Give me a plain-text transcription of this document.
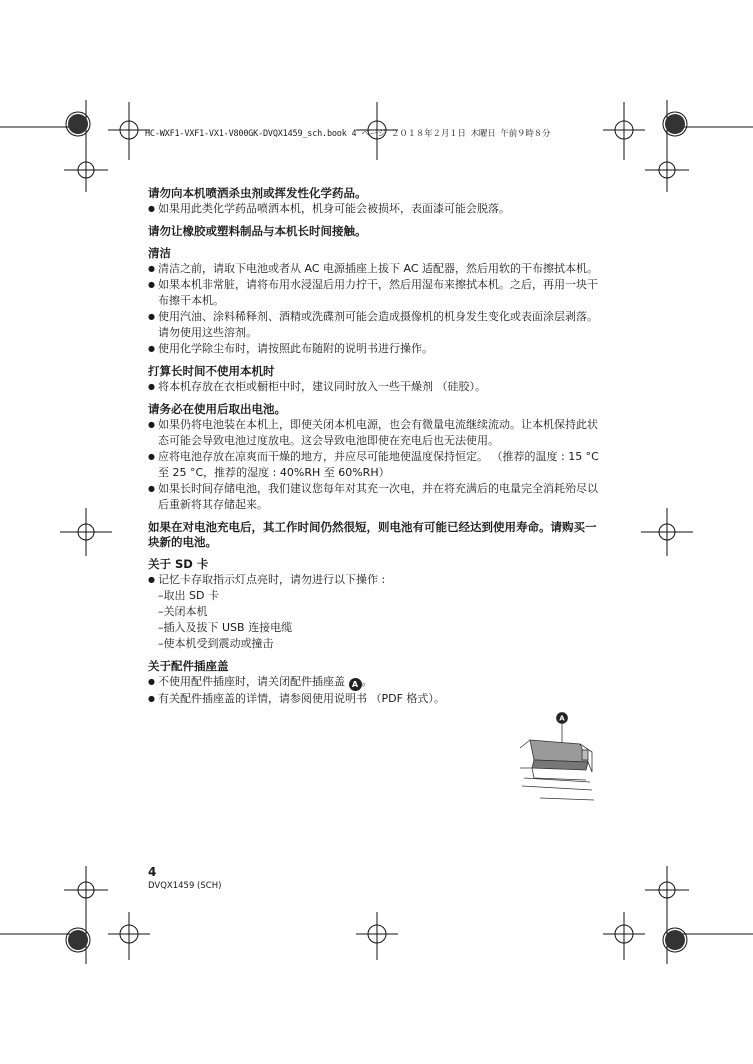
HC-WXF1-VXF1-VX1-V800GK-DVQX1459_sch.book 4 ページ ２０１８年２月１日 木曜日 午前９時８分

请勿向本机喷洒杀虫剂或挥发性化学药品。

● 如果用此类化学药品喷洒本机，机身可能会被损坏，表面漆可能会脱落。

请勿让橡胶或塑料制品与本机长时间接触。

清洁

● 清洁之前，请取下电池或者从 AC 电源插座上拔下 AC 适配器，然后用软的干布擦拭本机。

● 如果本机非常脏，请将布用水浸湿后用力拧干，然后用湿布来擦拭本机。之后，再用一块干布擦干本机。

● 使用汽油、涂料稀释剂、酒精或洗碟剂可能会造成摄像机的机身发生变化或表面涂层剥落。请勿使用这些溶剂。

● 使用化学除尘布时，请按照此布随附的说明书进行操作。

打算长时间不使用本机时

● 将本机存放在衣柜或橱柜中时，建议同时放入一些干燥剂 （硅胶）。

请务必在使用后取出电池。

● 如果仍将电池装在本机上，即使关闭本机电源，也会有微量电流继续流动。让本机保持此状态可能会导致电池过度放电。这会导致电池即使在充电后也无法使用。

● 应将电池存放在凉爽而干燥的地方，并应尽可能地使温度保持恒定。 （推荐的温度 : 15 °C 至 25 °C，推荐的湿度 : 40%RH 至 60%RH）

● 如果长时间存储电池，我们建议您每年对其充一次电，并在将充满后的电量完全消耗殆尽以后重新将其存储起来。

如果在对电池充电后，其工作时间仍然很短，则电池有可能已经达到使用寿命。请购买一块新的电池。

关于 SD 卡

● 记忆卡存取指示灯点亮时，请勿进行以下操作 :

–取出 SD 卡

–关闭本机

–插入及拔下 USB 连接电缆

–使本机受到震动或撞击

关于配件插座盖

● 不使用配件插座时，请关闭配件插座盖 A 。

● 有关配件插座盖的详情，请参阅使用说明书 （PDF 格式）。

A
4
DVQX1459 (SCH)
